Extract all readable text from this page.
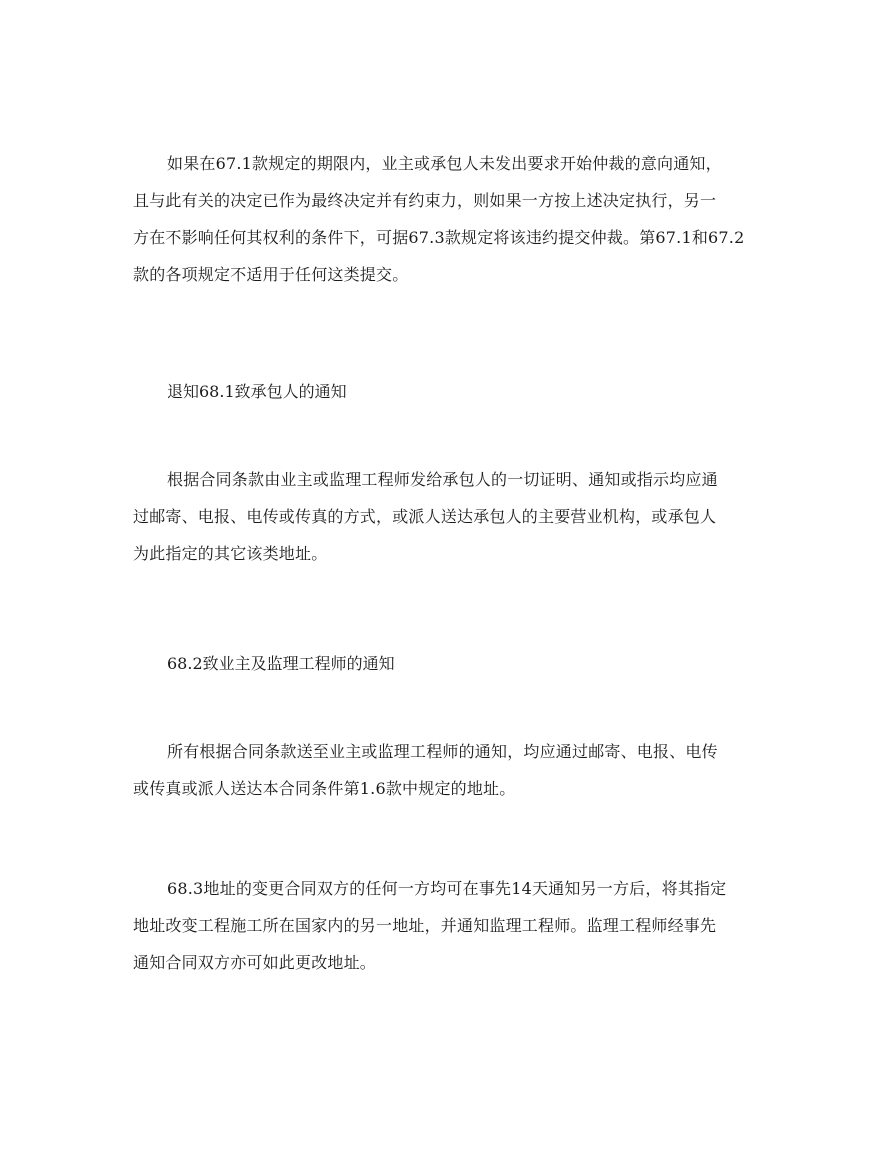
如果在67.1款规定的期限内，业主或承包人未发出要求开始仲裁的意向通知，
且与此有关的决定已作为最终决定并有约束力，则如果一方按上述决定执行，另一
方在不影响任何其权利的条件下，可据67.3款规定将该违约提交仲裁。第67.1和67.2
款的各项规定不适用于任何这类提交。
退知68.1致承包人的通知
根据合同条款由业主或监理工程师发给承包人的一切证明、通知或指示均应通
过邮寄、电报、电传或传真的方式，或派人送达承包人的主要营业机构，或承包人
为此指定的其它该类地址。
68.2致业主及监理工程师的通知
所有根据合同条款送至业主或监理工程师的通知，均应通过邮寄、电报、电传
或传真或派人送达本合同条件第1.6款中规定的地址。
68.3地址的变更合同双方的任何一方均可在事先14天通知另一方后，将其指定
地址改变工程施工所在国家内的另一地址，并通知监理工程师。监理工程师经事先
通知合同双方亦可如此更改地址。
